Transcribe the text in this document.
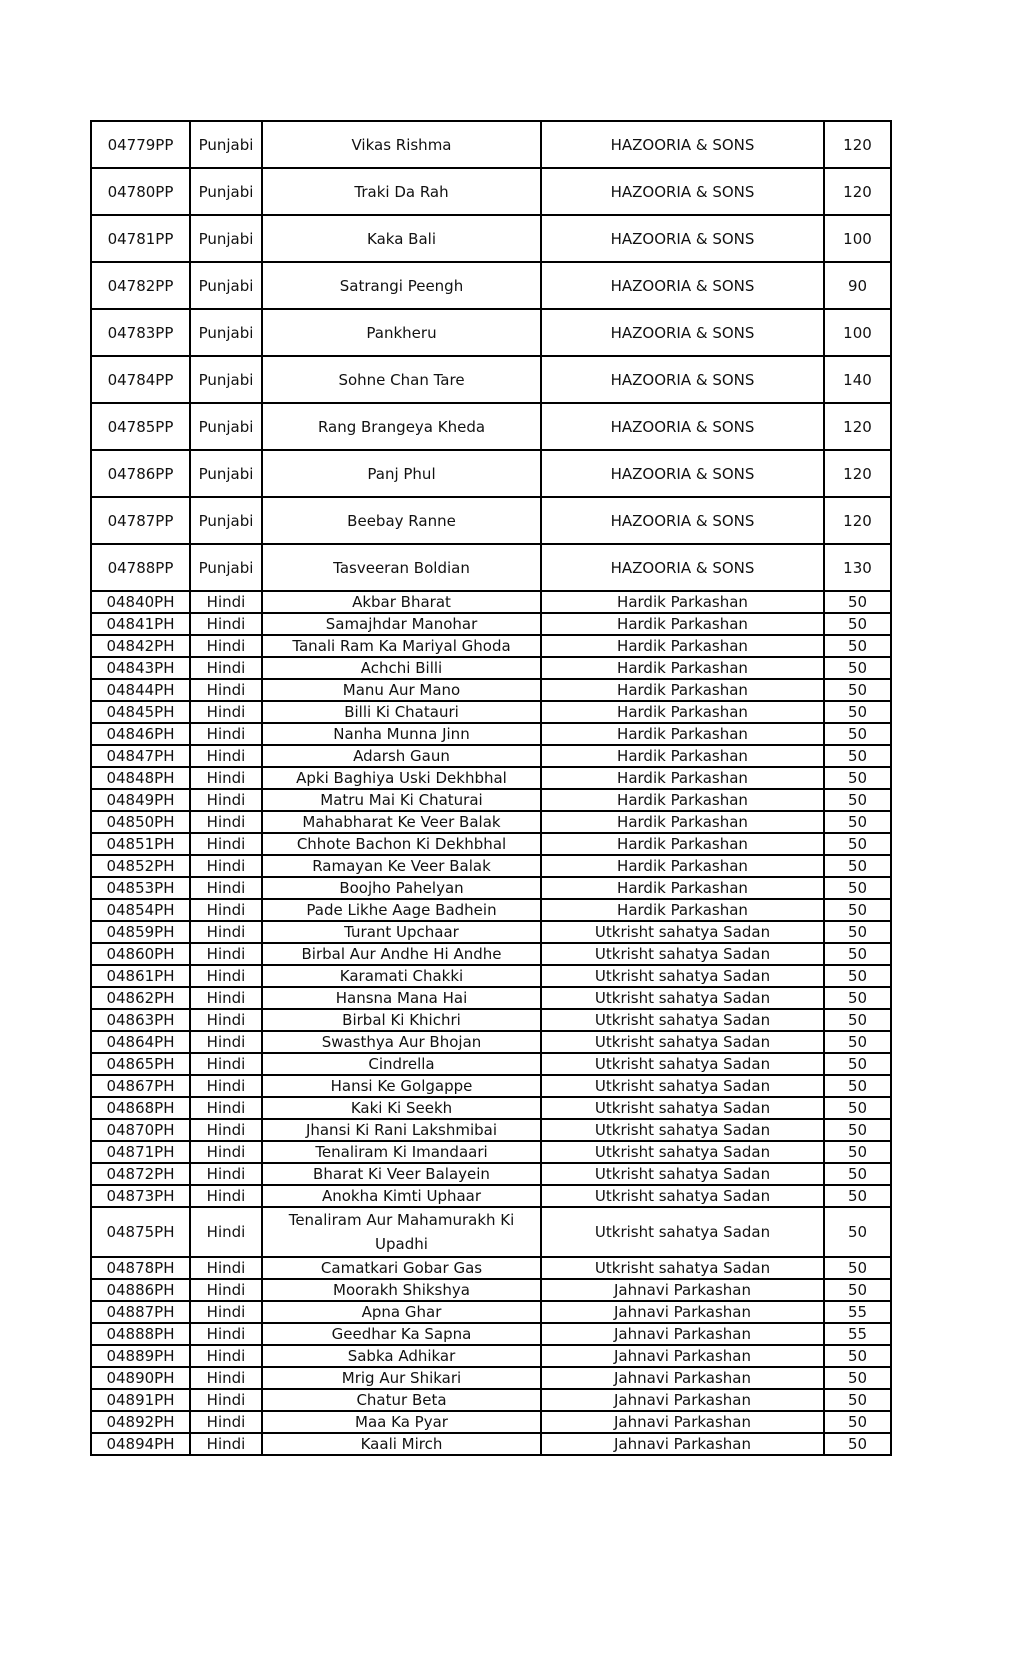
04779PP	Punjabi	Vikas Rishma	HAZOORIA & SONS	120
04780PP	Punjabi	Traki Da Rah	HAZOORIA & SONS	120
04781PP	Punjabi	Kaka Bali	HAZOORIA & SONS	100
04782PP	Punjabi	Satrangi Peengh	HAZOORIA & SONS	90
04783PP	Punjabi	Pankheru	HAZOORIA & SONS	100
04784PP	Punjabi	Sohne Chan Tare	HAZOORIA & SONS	140
04785PP	Punjabi	Rang Brangeya Kheda	HAZOORIA & SONS	120
04786PP	Punjabi	Panj Phul	HAZOORIA & SONS	120
04787PP	Punjabi	Beebay Ranne	HAZOORIA & SONS	120
04788PP	Punjabi	Tasveeran Boldian	HAZOORIA & SONS	130
04840PH	Hindi	Akbar Bharat	Hardik Parkashan	50
04841PH	Hindi	Samajhdar Manohar	Hardik Parkashan	50
04842PH	Hindi	Tanali Ram Ka Mariyal Ghoda	Hardik Parkashan	50
04843PH	Hindi	Achchi Billi	Hardik Parkashan	50
04844PH	Hindi	Manu Aur Mano	Hardik Parkashan	50
04845PH	Hindi	Billi Ki Chatauri	Hardik Parkashan	50
04846PH	Hindi	Nanha Munna Jinn	Hardik Parkashan	50
04847PH	Hindi	Adarsh Gaun	Hardik Parkashan	50
04848PH	Hindi	Apki Baghiya Uski Dekhbhal	Hardik Parkashan	50
04849PH	Hindi	Matru Mai Ki Chaturai	Hardik Parkashan	50
04850PH	Hindi	Mahabharat Ke Veer Balak	Hardik Parkashan	50
04851PH	Hindi	Chhote Bachon Ki Dekhbhal	Hardik Parkashan	50
04852PH	Hindi	Ramayan Ke Veer Balak	Hardik Parkashan	50
04853PH	Hindi	Boojho Pahelyan	Hardik Parkashan	50
04854PH	Hindi	Pade Likhe Aage Badhein	Hardik Parkashan	50
04859PH	Hindi	Turant Upchaar	Utkrisht sahatya Sadan	50
04860PH	Hindi	Birbal Aur Andhe Hi Andhe	Utkrisht sahatya Sadan	50
04861PH	Hindi	Karamati Chakki	Utkrisht sahatya Sadan	50
04862PH	Hindi	Hansna Mana Hai	Utkrisht sahatya Sadan	50
04863PH	Hindi	Birbal Ki Khichri	Utkrisht sahatya Sadan	50
04864PH	Hindi	Swasthya Aur Bhojan	Utkrisht sahatya Sadan	50
04865PH	Hindi	Cindrella	Utkrisht sahatya Sadan	50
04867PH	Hindi	Hansi Ke Golgappe	Utkrisht sahatya Sadan	50
04868PH	Hindi	Kaki Ki Seekh	Utkrisht sahatya Sadan	50
04870PH	Hindi	Jhansi Ki Rani Lakshmibai	Utkrisht sahatya Sadan	50
04871PH	Hindi	Tenaliram Ki Imandaari	Utkrisht sahatya Sadan	50
04872PH	Hindi	Bharat Ki Veer Balayein	Utkrisht sahatya Sadan	50
04873PH	Hindi	Anokha Kimti Uphaar	Utkrisht sahatya Sadan	50
04875PH	Hindi	Tenaliram Aur Mahamurakh Ki Upadhi	Utkrisht sahatya Sadan	50
04878PH	Hindi	Camatkari Gobar Gas	Utkrisht sahatya Sadan	50
04886PH	Hindi	Moorakh Shikshya	Jahnavi Parkashan	50
04887PH	Hindi	Apna Ghar	Jahnavi Parkashan	55
04888PH	Hindi	Geedhar Ka Sapna	Jahnavi Parkashan	55
04889PH	Hindi	Sabka Adhikar	Jahnavi Parkashan	50
04890PH	Hindi	Mrig Aur Shikari	Jahnavi Parkashan	50
04891PH	Hindi	Chatur Beta	Jahnavi Parkashan	50
04892PH	Hindi	Maa Ka Pyar	Jahnavi Parkashan	50
04894PH	Hindi	Kaali Mirch	Jahnavi Parkashan	50
